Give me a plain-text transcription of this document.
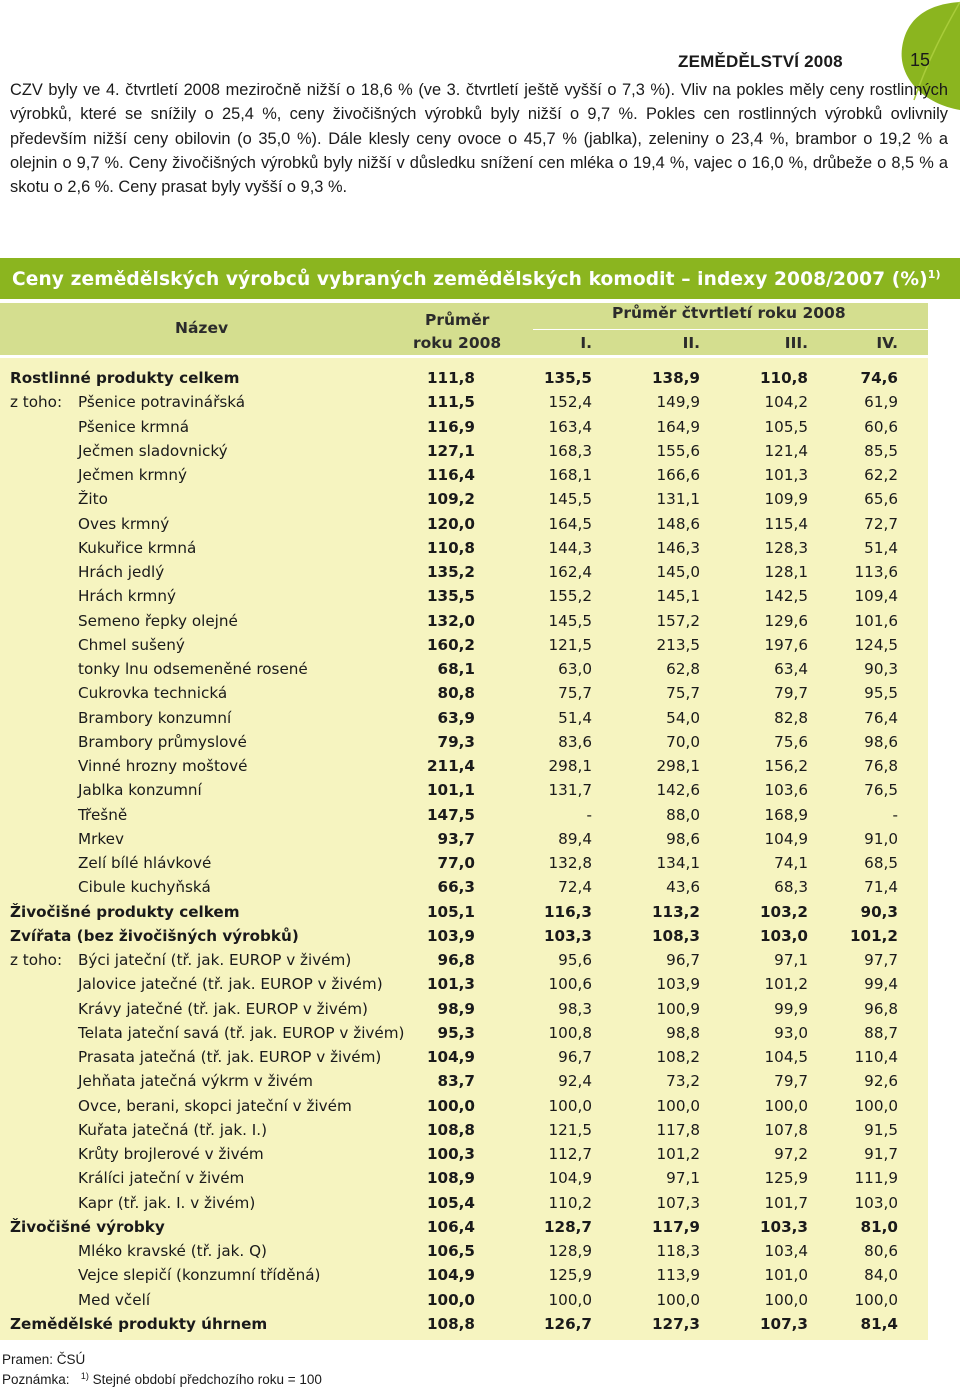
ZEMĚDĚLSTVÍ 2008	15

CZV byly ve 4. čtvrtletí 2008 meziročně nižší o 18,6 % (ve 3. čtvrtletí ještě vyšší o 7,3 %). Vliv na pokles měly ceny rostlinných výrobků, které se snížily o 25,4 %, ceny živočišných výrobků byly nižší o 9,7 %. Pokles cen rostlinných výrobků ovlivnily především nižší ceny obilovin (o 35,0 %). Dále klesly ceny ovoce o 45,7 % (jablka), zeleniny o 23,4 %, brambor o 19,2 % a olejnin o 9,7 %. Ceny živočišných výrobků byly nižší v důsledku snížení cen mléka o 19,4 %, vajec o 16,0 %, drůbeže o 8,5 % a skotu o 2,6 %. Ceny prasat byly vyšší o 9,3 %.

Ceny zemědělských výrobců vybraných zemědělských komodit – indexy 2008/2007 (%)$^{1)}$
Název	Průměr
roku 2008
Průměr čtvrtletí roku 2008
I.	II.	III.	IV.
Rostlinné produkty celkem	111,8	135,5	138,9	110,8	74,6
z toho: Pšenice potravinářská	111,5	152,4	149,9	104,2	61,9
Pšenice krmná	116,9	163,4	164,9	105,5	60,6
Ječmen sladovnický	127,1	168,3	155,6	121,4	85,5
Ječmen krmný	116,4	168,1	166,6	101,3	62,2
Žito	109,2	145,5	131,1	109,9	65,6
Oves krmný	120,0	164,5	148,6	115,4	72,7
Kukuřice krmná	110,8	144,3	146,3	128,3	51,4
Hrách jedlý	135,2	162,4	145,0	128,1	113,6
Hrách krmný	135,5	155,2	145,1	142,5	109,4
Semeno řepky olejné	132,0	145,5	157,2	129,6	101,6
Chmel sušený	160,2	121,5	213,5	197,6	124,5
tonky lnu odsemeněné rosené	68,1	63,0	62,8	63,4	90,3
Cukrovka technická	80,8	75,7	75,7	79,7	95,5
Brambory konzumní	63,9	51,4	54,0	82,8	76,4
Brambory průmyslové	79,3	83,6	70,0	75,6	98,6
Vinné hrozny moštové	211,4	298,1	298,1	156,2	76,8
Jablka konzumní	101,1	131,7	142,6	103,6	76,5
Třešně	147,5	-	88,0	168,9	-
Mrkev	93,7	89,4	98,6	104,9	91,0
Zelí bílé hlávkové	77,0	132,8	134,1	74,1	68,5
Cibule kuchyňská	66,3	72,4	43,6	68,3	71,4
Živočišné produkty celkem	105,1	116,3	113,2	103,2	90,3
Zvířata (bez živočišných výrobků)	103,9	103,3	108,3	103,0	101,2
z toho: Býci jateční (tř. jak. EUROP v živém)	96,8	95,6	96,7	97,1	97,7
Jalovice jatečné (tř. jak. EUROP v živém)	101,3	100,6	103,9	101,2	99,4
Krávy jatečné (tř. jak. EUROP v živém)	98,9	98,3	100,9	99,9	96,8
Telata jateční savá (tř. jak. EUROP v živém)	95,3	100,8	98,8	93,0	88,7
Prasata jatečná (tř. jak. EUROP v živém)	104,9	96,7	108,2	104,5	110,4
Jehňata jatečná výkrm v živém	83,7	92,4	73,2	79,7	92,6
Ovce, berani, skopci jateční v živém	100,0	100,0	100,0	100,0	100,0
Kuřata jatečná (tř. jak. I.)	108,8	121,5	117,8	107,8	91,5
Krůty brojlerové v živém	100,3	112,7	101,2	97,2	91,7
Králíci jateční v živém	108,9	104,9	97,1	125,9	111,9
Kapr (tř. jak. I. v živém)	105,4	110,2	107,3	101,7	103,0
Živočišné výrobky	106,4	128,7	117,9	103,3	81,0
Mléko kravské (tř. jak. Q)	106,5	128,9	118,3	103,4	80,6
Vejce slepičí (konzumní tříděná)	104,9	125,9	113,9	101,0	84,0
Med včelí	100,0	100,0	100,0	100,0	100,0
Zemědělské produkty úhrnem	108,8	126,7	127,3	107,3	81,4
Pramen: ČSÚ
Poznámka: $^{1)}$ Stejné období předchozího roku = 100
